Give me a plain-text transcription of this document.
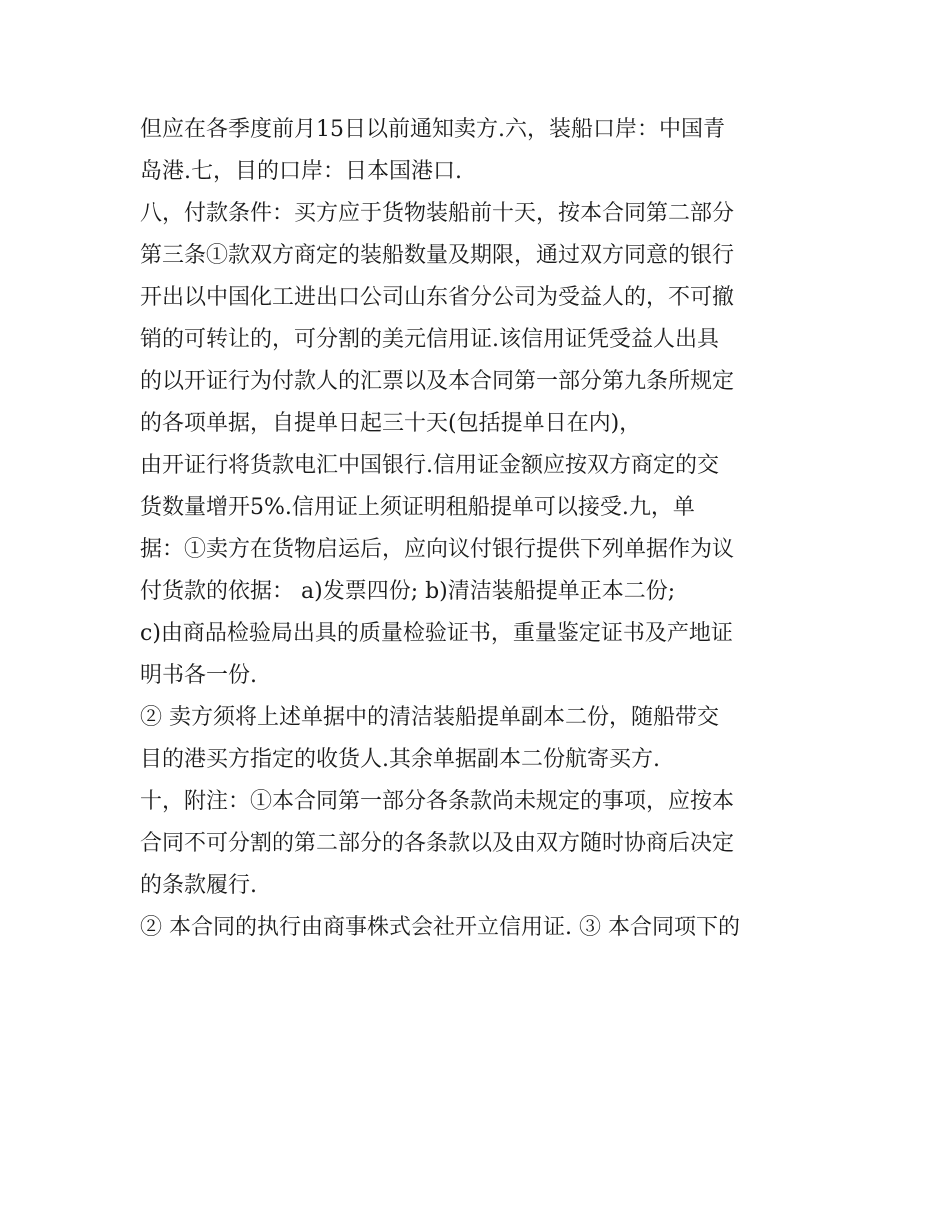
但应在各季度前月15日以前通知卖方.六，装船口岸：中国青

岛港.七，目的口岸：日本国港口.

八，付款条件：买方应于货物装船前十天，按本合同第二部分

第三条①款双方商定的装船数量及期限，通过双方同意的银行

开出以中国化工进出口公司山东省分公司为受益人的，不可撤

销的可转让的，可分割的美元信用证.该信用证凭受益人出具

的以开证行为付款人的汇票以及本合同第一部分第九条所规定

的各项单据，自提单日起三十天(包括提单日在内)，

由开证行将货款电汇中国银行.信用证金额应按双方商定的交

货数量增开5%.信用证上须证明租船提单可以接受.九，单

据：①卖方在货物启运后，应向议付银行提供下列单据作为议

付货款的依据： a)发票四份; b)清洁装船提单正本二份;

c)由商品检验局出具的质量检验证书，重量鉴定证书及产地证

明书各一份.

② 卖方须将上述单据中的清洁装船提单副本二份，随船带交

目的港买方指定的收货人.其余单据副本二份航寄买方.

十，附注：①本合同第一部分各条款尚未规定的事项，应按本

合同不可分割的第二部分的各条款以及由双方随时协商后决定

的条款履行.

② 本合同的执行由商事株式会社开立信用证. ③ 本合同项下的
